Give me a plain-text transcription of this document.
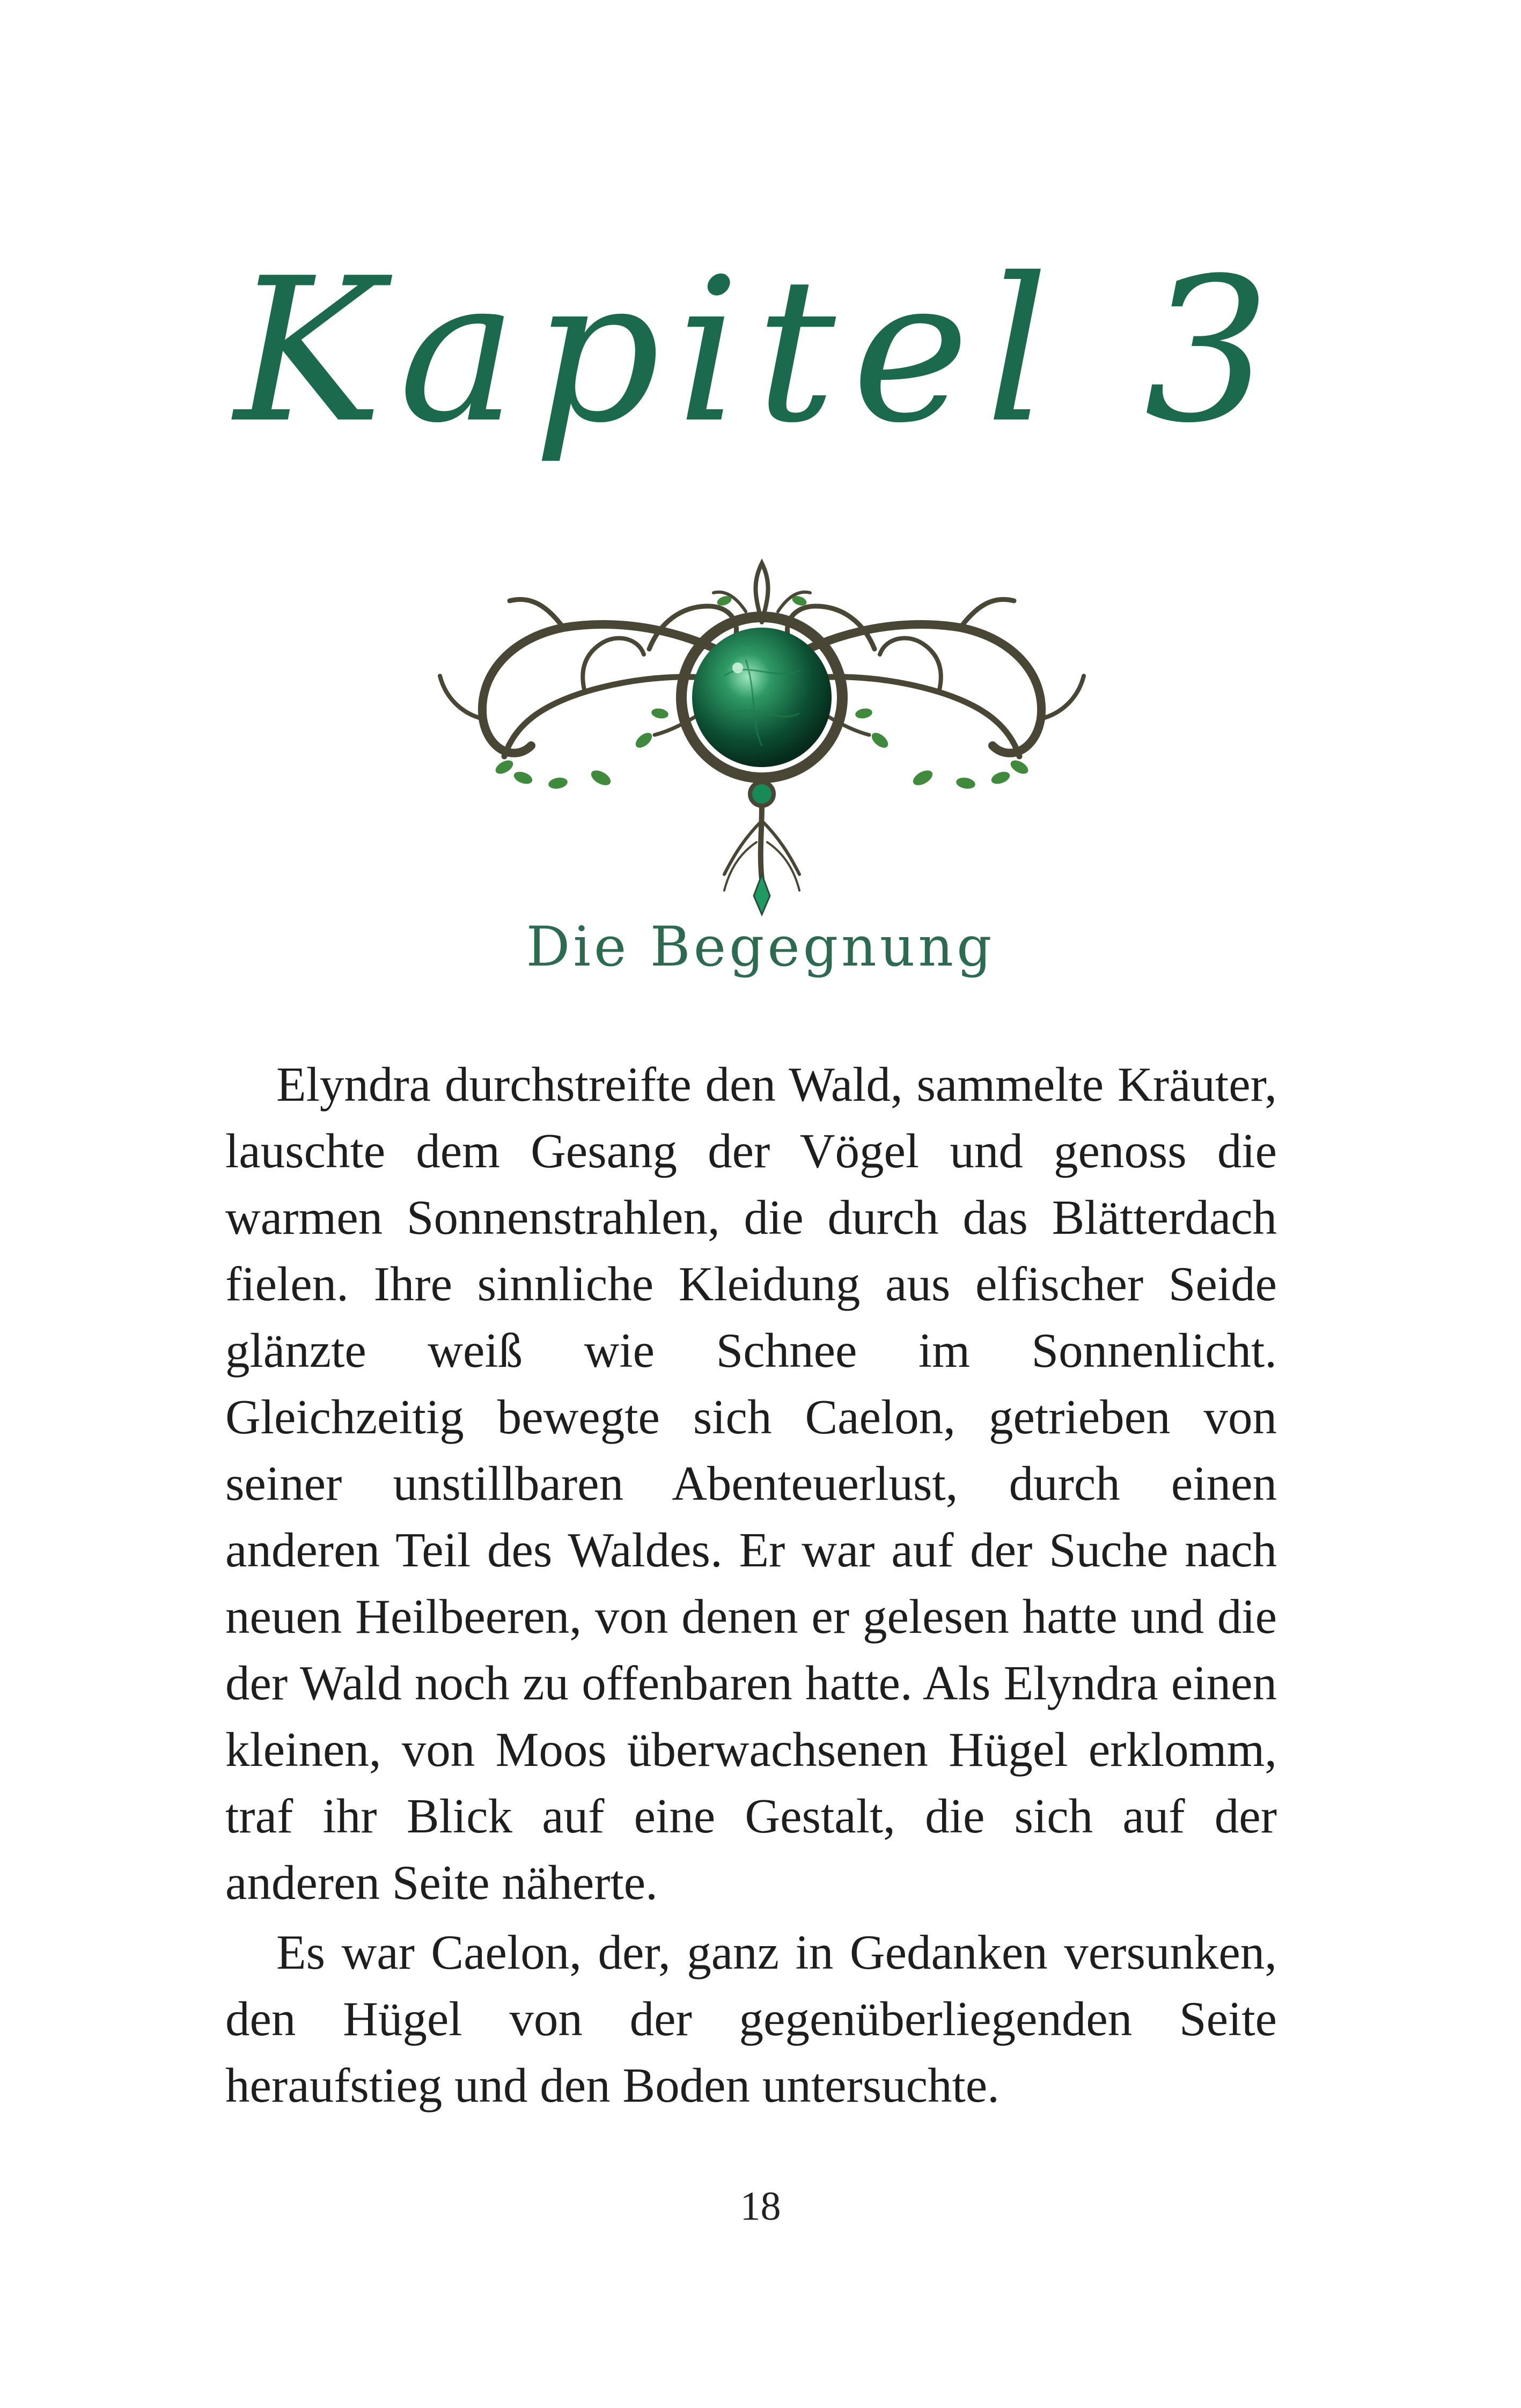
Kapitel 3
Die Begegnung

Elyndra durchstreifte den Wald, sammelte Kräuter, lauschte dem Gesang der Vögel und genoss die warmen Sonnenstrahlen, die durch das Blätterdach fielen. Ihre sinnliche Kleidung aus elfischer Seide glänzte weiß wie Schnee im Sonnenlicht. Gleichzeitig bewegte sich Caelon, getrieben von seiner unstillbaren Abenteuerlust, durch einen anderen Teil des Waldes. Er war auf der Suche nach neuen Heilbeeren, von denen er gelesen hatte und die der Wald noch zu offenbaren hatte. Als Elyndra einen kleinen, von Moos überwachsenen Hügel erklomm, traf ihr Blick auf eine Gestalt, die sich auf der anderen Seite näherte.

Es war Caelon, der, ganz in Gedanken versunken, den Hügel von der gegenüberliegenden Seite heraufstieg und den Boden untersuchte.

18
